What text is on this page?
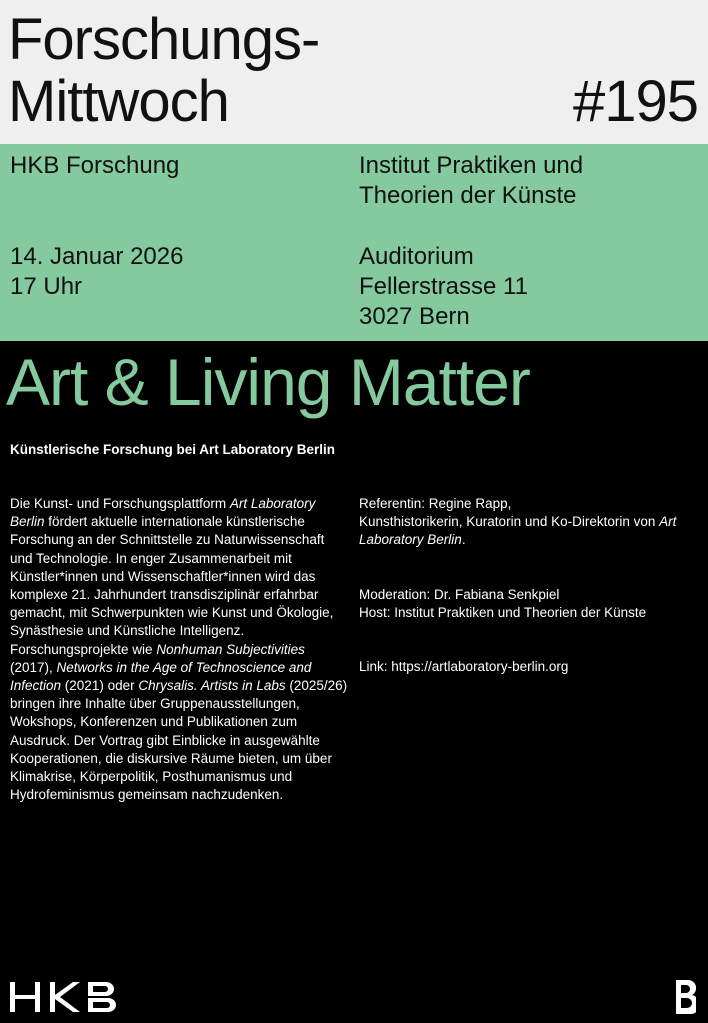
Forschungs-
Mittwoch	#195
HKB Forschung	Institut Praktiken und
Theorien der Künste
14. Januar 2026
17 Uhr
Auditorium
Fellerstrasse 11
3027 Bern
Art & Living Matter
Künstlerische Forschung bei Art Laboratory Berlin
Die Kunst- und Forschungsplattform Art Laboratory Berlin fördert aktuelle internationale künstlerische Forschung an der Schnittstelle zu Naturwissenschaft und Technologie. In enger Zusammenarbeit mit Künstler*innen und Wissenschaftler*innen wird das komplexe 21. Jahrhundert transdisziplinär erfahrbar gemacht, mit Schwerpunkten wie Kunst und Ökologie, Synästhesie und Künstliche Intelligenz. Forschungsprojekte wie Nonhuman Subjectivities (2017), Networks in the Age of Technoscience and Infection (2021) oder Chrysalis. Artists in Labs (2025/26) bringen ihre Inhalte über Gruppenausstellungen, Wokshops, Konferenzen und Publikationen zum Ausdruck. Der Vortrag gibt Einblicke in ausgewählte Kooperationen, die diskursive Räume bieten, um über Klimakrise, Körperpolitik, Posthumanismus und Hydrofeminismus gemeinsam nachzudenken.
Referentin: Regine Rapp,
Kunsthistorikerin, Kuratorin und Ko-Direktorin von Art Laboratory Berlin.
Moderation: Dr. Fabiana Senkpiel
Host: Institut Praktiken und Theorien der Künste
Link: https://artlaboratory-berlin.org
